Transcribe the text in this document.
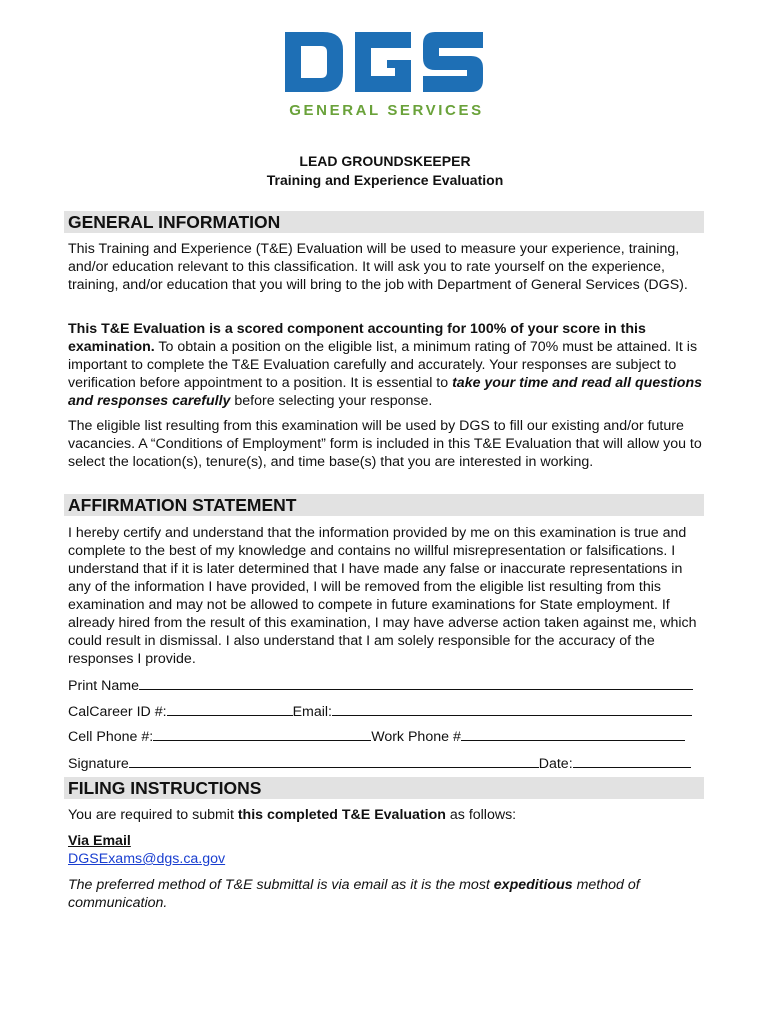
GENERAL SERVICES
LEAD GROUNDSKEEPER
Training and Experience Evaluation
GENERAL INFORMATION
This Training and Experience (T&E) Evaluation will be used to measure your experience, training, and/or education relevant to this classification. It will ask you to rate yourself on the experience, training, and/or education that you will bring to the job with Department of General Services (DGS).
This T&E Evaluation is a scored component accounting for 100% of your score in this examination. To obtain a position on the eligible list, a minimum rating of 70% must be attained. It is important to complete the T&E Evaluation carefully and accurately. Your responses are subject to verification before appointment to a position. It is essential to take your time and read all questions and responses carefully before selecting your response.
The eligible list resulting from this examination will be used by DGS to fill our existing and/or future vacancies. A “Conditions of Employment” form is included in this T&E Evaluation that will allow you to select the location(s), tenure(s), and time base(s) that you are interested in working.
AFFIRMATION STATEMENT
I hereby certify and understand that the information provided by me on this examination is true and complete to the best of my knowledge and contains no willful misrepresentation or falsifications. I understand that if it is later determined that I have made any false or inaccurate representations in any of the information I have provided, I will be removed from the eligible list resulting from this examination and may not be allowed to compete in future examinations for State employment. If already hired from the result of this examination, I may have adverse action taken against me, which could result in dismissal. I also understand that I am solely responsible for the accuracy of the responses I provide.
Print Name
CalCareer ID #:	Email:
Cell Phone #:	Work Phone #
Signature	Date:
FILING INSTRUCTIONS
You are required to submit this completed T&E Evaluation as follows:
Via Email
DGSExams@dgs.ca.gov
The preferred method of T&E submittal is via email as it is the most expeditious method of communication.
